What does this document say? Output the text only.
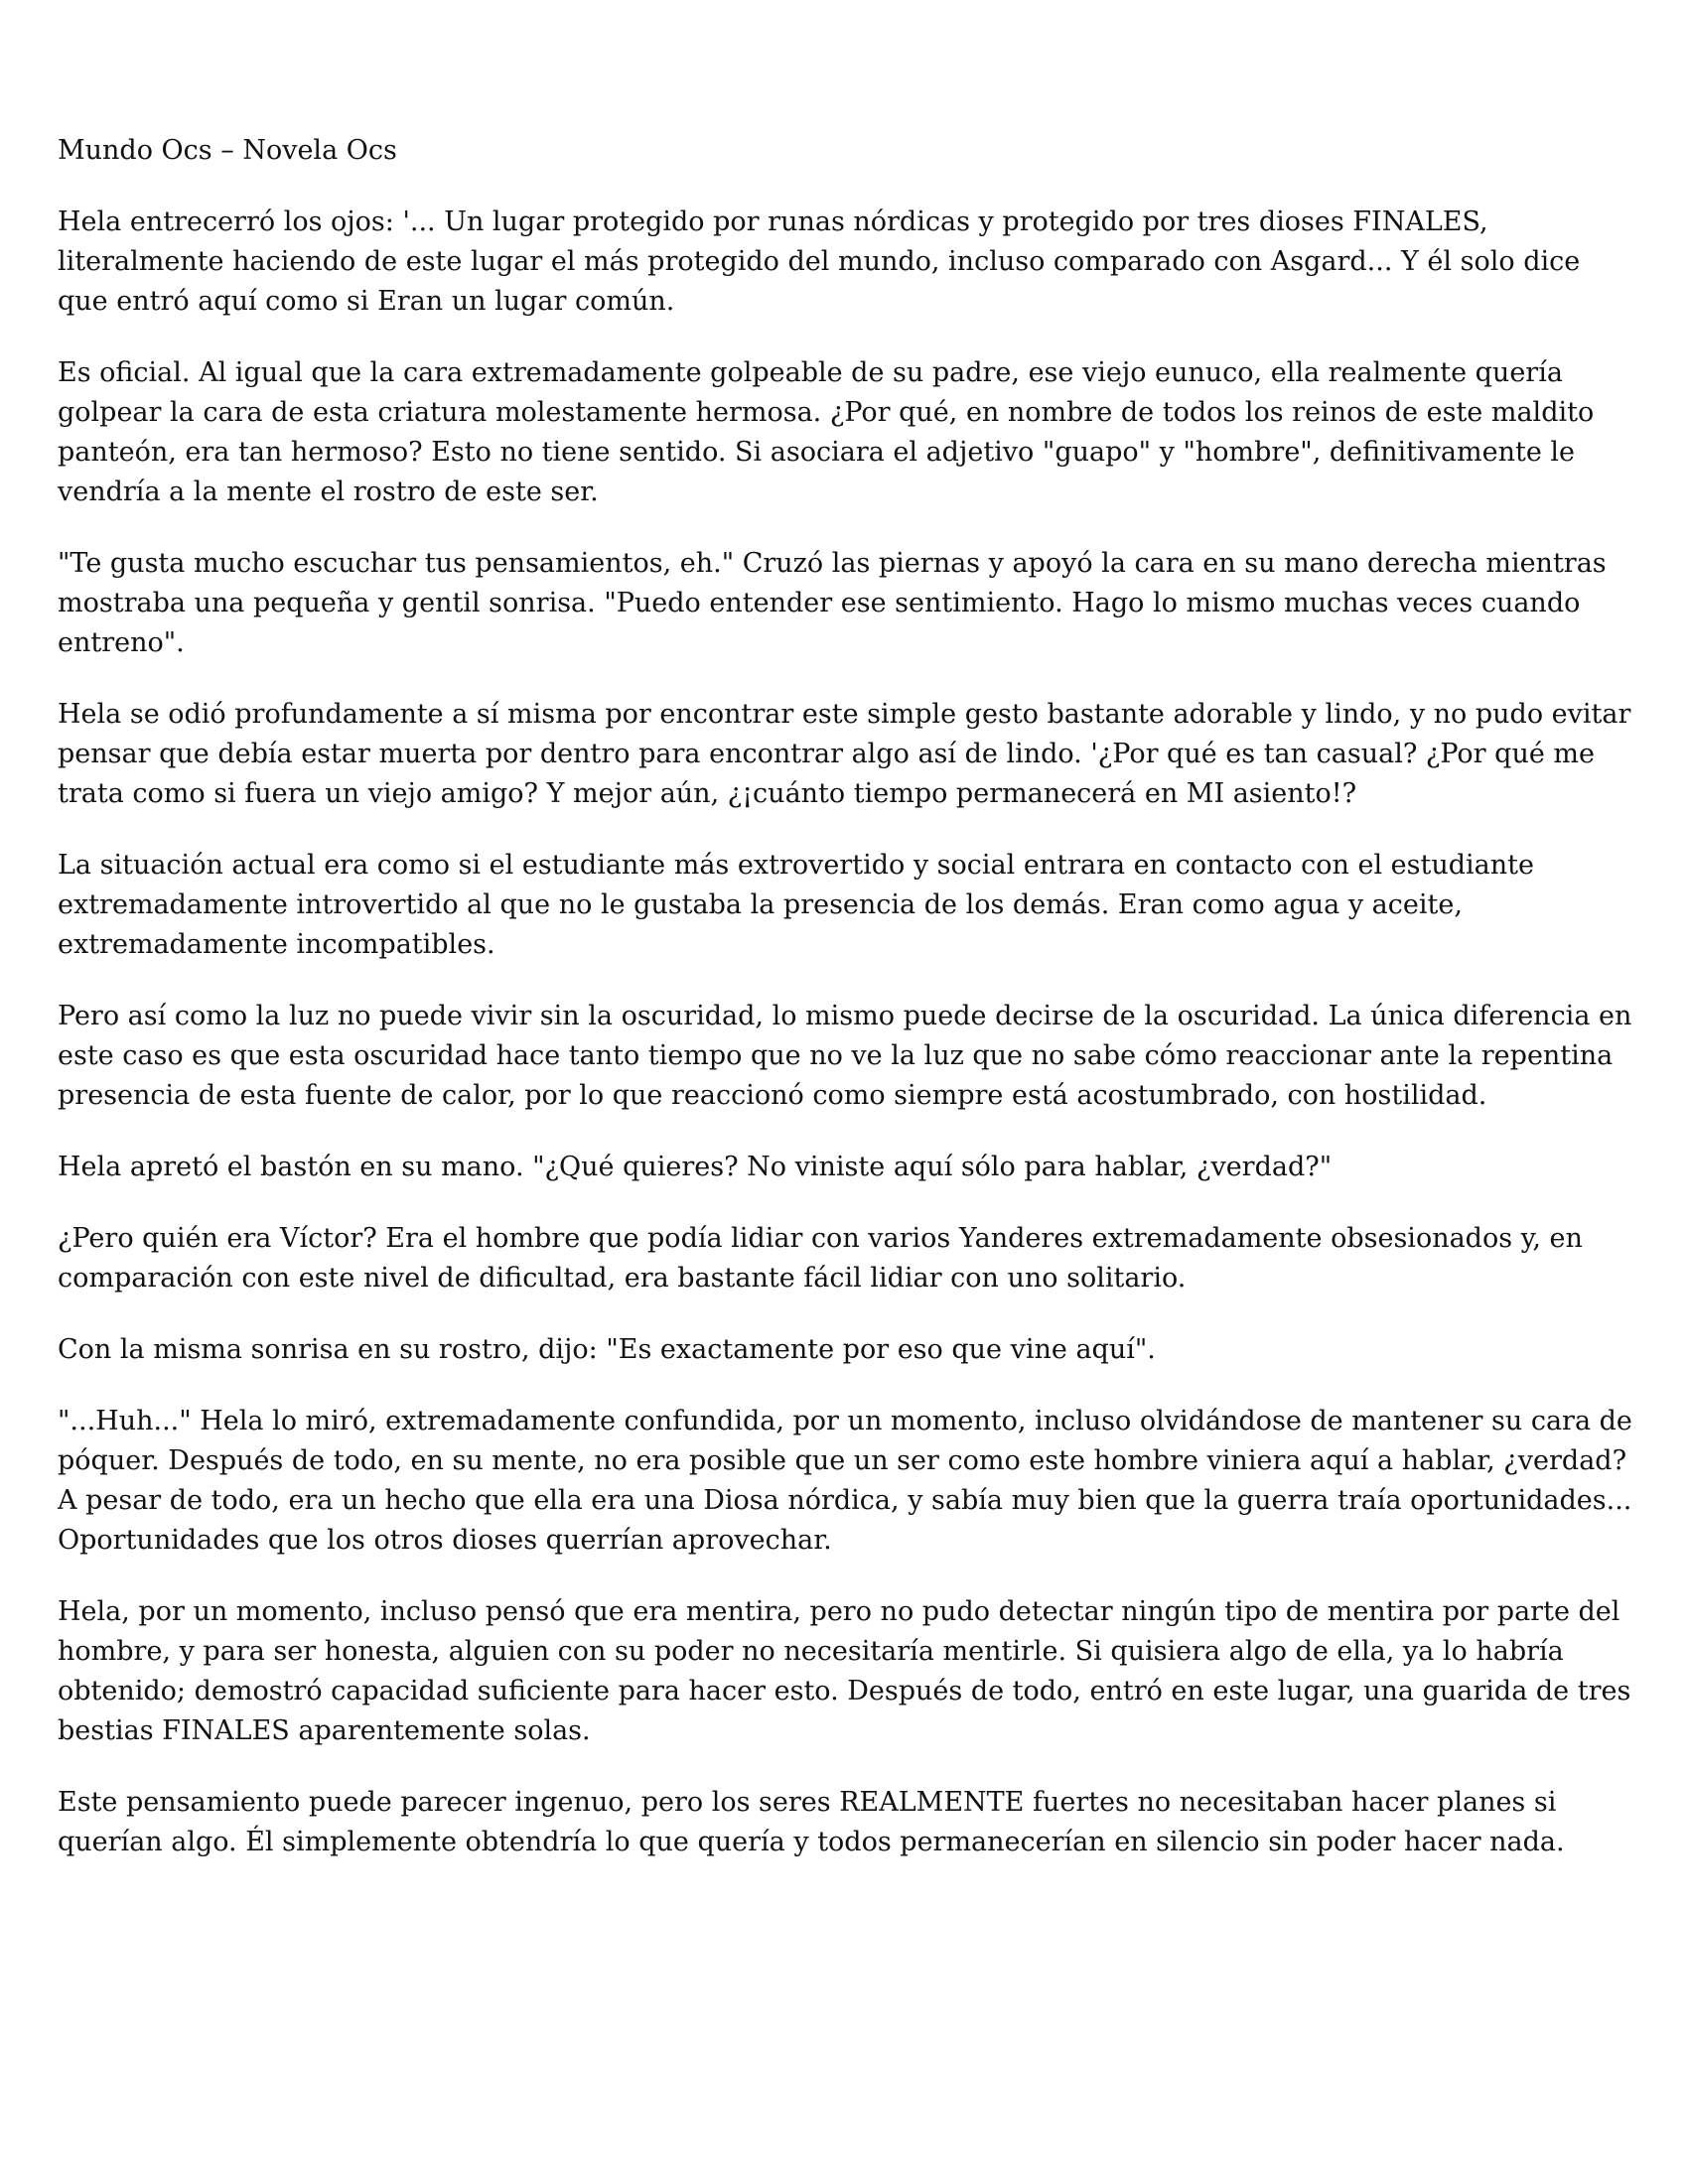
Mundo Ocs – Novela Ocs

Hela entrecerró los ojos: '... Un lugar protegido por runas nórdicas y protegido por tres dioses FINALES, literalmente haciendo de este lugar el más protegido del mundo, incluso comparado con Asgard... Y él solo dice que entró aquí como si Eran un lugar común.

Es oficial. Al igual que la cara extremadamente golpeable de su padre, ese viejo eunuco, ella realmente quería golpear la cara de esta criatura molestamente hermosa. ¿Por qué, en nombre de todos los reinos de este maldito panteón, era tan hermoso? Esto no tiene sentido. Si asociara el adjetivo "guapo" y "hombre", definitivamente le vendría a la mente el rostro de este ser.

"Te gusta mucho escuchar tus pensamientos, eh." Cruzó las piernas y apoyó la cara en su mano derecha mientras mostraba una pequeña y gentil sonrisa. "Puedo entender ese sentimiento. Hago lo mismo muchas veces cuando entreno".

Hela se odió profundamente a sí misma por encontrar este simple gesto bastante adorable y lindo, y no pudo evitar pensar que debía estar muerta por dentro para encontrar algo así de lindo. '¿Por qué es tan casual? ¿Por qué me trata como si fuera un viejo amigo? Y mejor aún, ¿¡cuánto tiempo permanecerá en MI asiento!?

La situación actual era como si el estudiante más extrovertido y social entrara en contacto con el estudiante extremadamente introvertido al que no le gustaba la presencia de los demás. Eran como agua y aceite, extremadamente incompatibles.

Pero así como la luz no puede vivir sin la oscuridad, lo mismo puede decirse de la oscuridad. La única diferencia en este caso es que esta oscuridad hace tanto tiempo que no ve la luz que no sabe cómo reaccionar ante la repentina presencia de esta fuente de calor, por lo que reaccionó como siempre está acostumbrado, con hostilidad.

Hela apretó el bastón en su mano. "¿Qué quieres? No viniste aquí sólo para hablar, ¿verdad?"

¿Pero quién era Víctor? Era el hombre que podía lidiar con varios Yanderes extremadamente obsesionados y, en comparación con este nivel de dificultad, era bastante fácil lidiar con uno solitario.

Con la misma sonrisa en su rostro, dijo: "Es exactamente por eso que vine aquí".

"...Huh..." Hela lo miró, extremadamente confundida, por un momento, incluso olvidándose de mantener su cara de póquer. Después de todo, en su mente, no era posible que un ser como este hombre viniera aquí a hablar, ¿verdad? A pesar de todo, era un hecho que ella era una Diosa nórdica, y sabía muy bien que la guerra traía oportunidades... Oportunidades que los otros dioses querrían aprovechar.

Hela, por un momento, incluso pensó que era mentira, pero no pudo detectar ningún tipo de mentira por parte del hombre, y para ser honesta, alguien con su poder no necesitaría mentirle. Si quisiera algo de ella, ya lo habría obtenido; demostró capacidad suficiente para hacer esto. Después de todo, entró en este lugar, una guarida de tres bestias FINALES aparentemente solas.

Este pensamiento puede parecer ingenuo, pero los seres REALMENTE fuertes no necesitaban hacer planes si querían algo. Él simplemente obtendría lo que quería y todos permanecerían en silencio sin poder hacer nada.
